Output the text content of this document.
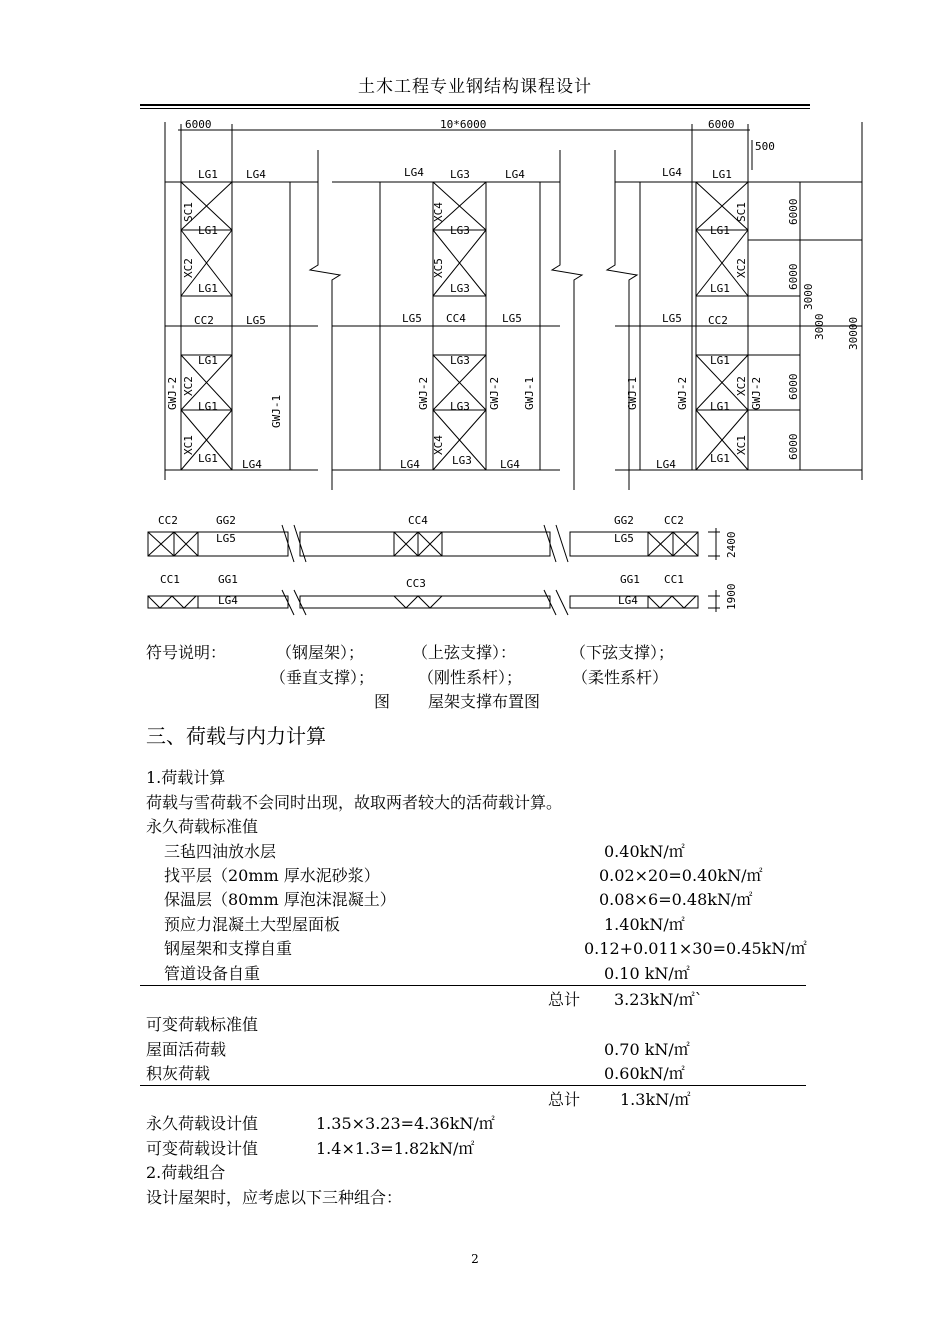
土木工程专业钢结构课程设计
6000	10*6000	6000
500
6000
6000
3000
3000
6000
6000
30000
LG1
LG1
LG1
LG1
LG1
LG1
CC2
LG4
LG5
LG4
LG4 LG3	LG4
LG3
LG3
LG5 CC4	LG5
LG3
LG3
LG4	LG3	LG4
LG4	LG1
LG1
LG1
LG5 CC2
LG1
LG1
LG4	LG1
SC1
XC2
XC2
XC1
GWJ-2
GWJ-1
XC4
XC5
XC4
GWJ-2	GWJ-2 GWJ-1	GWJ-1	GWJ-2
SC1
XC2
XC2
XC1
GWJ-2
CC2	GG2
LG5
CC4	GG2
LG5
CC2
2400
CC1	GG1
LG4
CC3	GG1
LG4
CC1
1900
符号说明：	（钢屋架）；	（上弦支撑）：	（下弦支撑）；
（垂直支撑）；	（刚性系杆）；	（柔性系杆）
图 屋架支撑布置图
三、荷载与内力计算
1.荷载计算
荷载与雪荷载不会同时出现，故取两者较大的活荷载计算。
永久荷载标准值
三毡四油放水层	0.40kN/㎡
找平层（20mm 厚水泥砂浆）	0.02×20=0.40kN/㎡
保温层（80mm 厚泡沫混凝土）	0.08×6=0.48kN/㎡
预应力混凝土大型屋面板	1.40kN/㎡
钢屋架和支撑自重	0.12+0.011×30=0.45kN/㎡
管道设备自重	0.10 kN/㎡
总计 3.23kN/㎡`
可变荷载标准值
屋面活荷载	0.70 kN/㎡
积灰荷载	0.60kN/㎡
总计 1.3kN/㎡
永久荷载设计值	1.35×3.23=4.36kN/㎡
可变荷载设计值	1.4×1.3=1.82kN/㎡
2.荷载组合
设计屋架时，应考虑以下三种组合：
2
